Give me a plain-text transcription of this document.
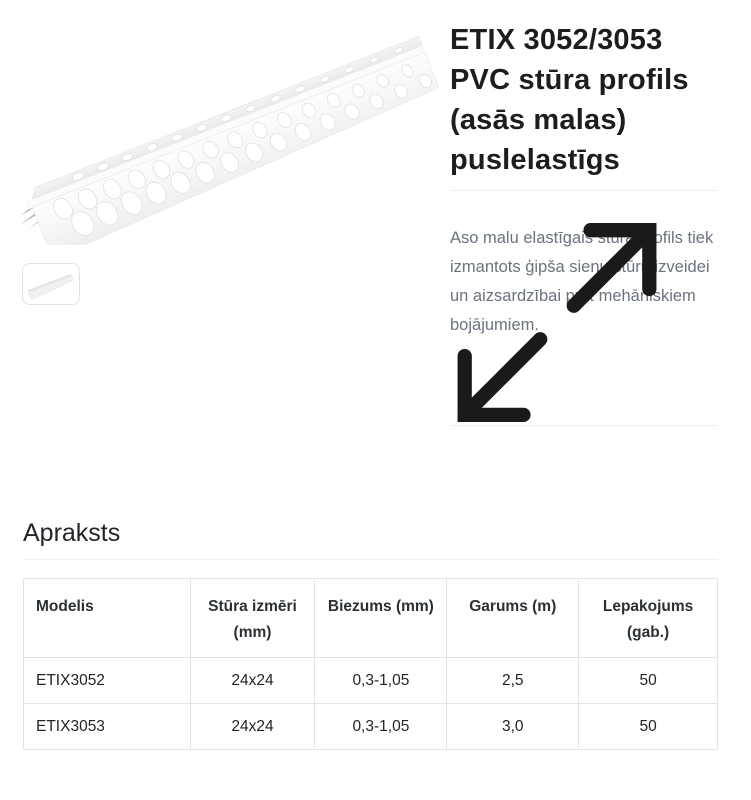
ETIX 3052/3053 PVC stūra profils (asās malas) puslelastīgs

Aso malu elastīgais stūra profils tiek izmantots ģipša sienu stūru izveidei un aizsardzībai pret mehāniskiem bojājumiem.

Apraksts
Modelis	Stūra izmēri (mm)	Biezums (mm)	Garums (m)	Lepakojums (gab.)
ETIX3052	24x24	0,3-1,05	2,5	50
ETIX3053	24x24	0,3-1,05	3,0	50
